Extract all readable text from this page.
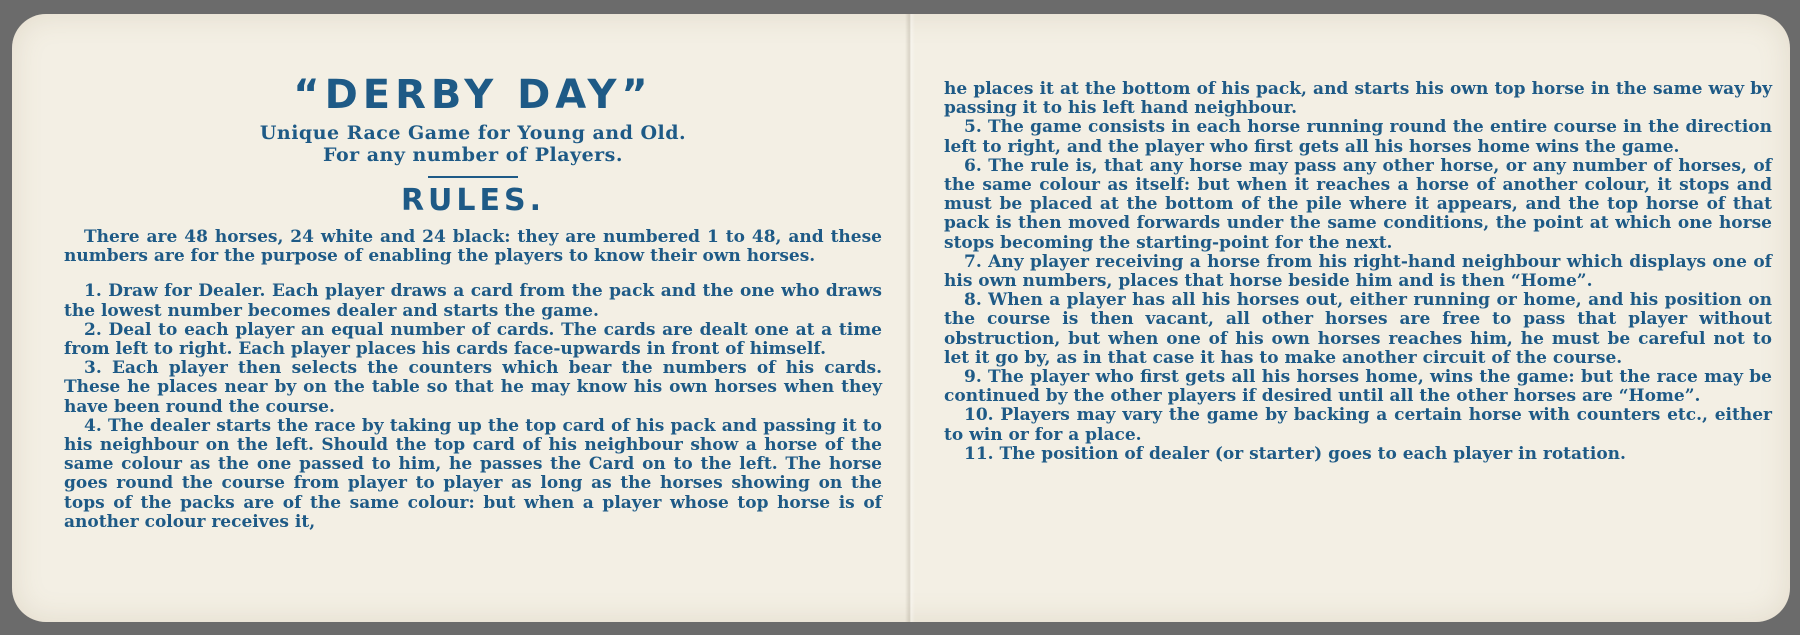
“DERBY DAY”

Unique Race Game for Young and Old.

For any number of Players.

RULES.

There are 48 horses, 24 white and 24 black: they are numbered 1 to 48, and these numbers are for the purpose of enabling the players to know their own horses.

1. Draw for Dealer. Each player draws a card from the pack and the one who draws the lowest number becomes dealer and starts the game.

2. Deal to each player an equal number of cards. The cards are dealt one at a time from left to right. Each player places his cards face-upwards in front of himself.

3. Each player then selects the counters which bear the numbers of his cards. These he places near by on the table so that he may know his own horses when they have been round the course.

4. The dealer starts the race by taking up the top card of his pack and passing it to his neighbour on the left. Should the top card of his neighbour show a horse of the same colour as the one passed to him, he passes the Card on to the left. The horse goes round the course from player to player as long as the horses showing on the tops of the packs are of the same colour: but when a player whose top horse is of another colour receives it,

he places it at the bottom of his pack, and starts his own top horse in the same way by passing it to his left hand neighbour.

5. The game consists in each horse running round the entire course in the direction left to right, and the player who first gets all his horses home wins the game.

6. The rule is, that any horse may pass any other horse, or any number of horses, of the same colour as itself: but when it reaches a horse of another colour, it stops and must be placed at the bottom of the pile where it appears, and the top horse of that pack is then moved forwards under the same conditions, the point at which one horse stops becoming the starting-point for the next.

7. Any player receiving a horse from his right-hand neighbour which displays one of his own numbers, places that horse beside him and is then “Home”.

8. When a player has all his horses out, either running or home, and his position on the course is then vacant, all other horses are free to pass that player without obstruction, but when one of his own horses reaches him, he must be careful not to let it go by, as in that case it has to make another circuit of the course.

9. The player who first gets all his horses home, wins the game: but the race may be continued by the other players if desired until all the other horses are “Home”.

10. Players may vary the game by backing a certain horse with counters etc., either to win or for a place.

11. The position of dealer (or starter) goes to each player in rotation.
